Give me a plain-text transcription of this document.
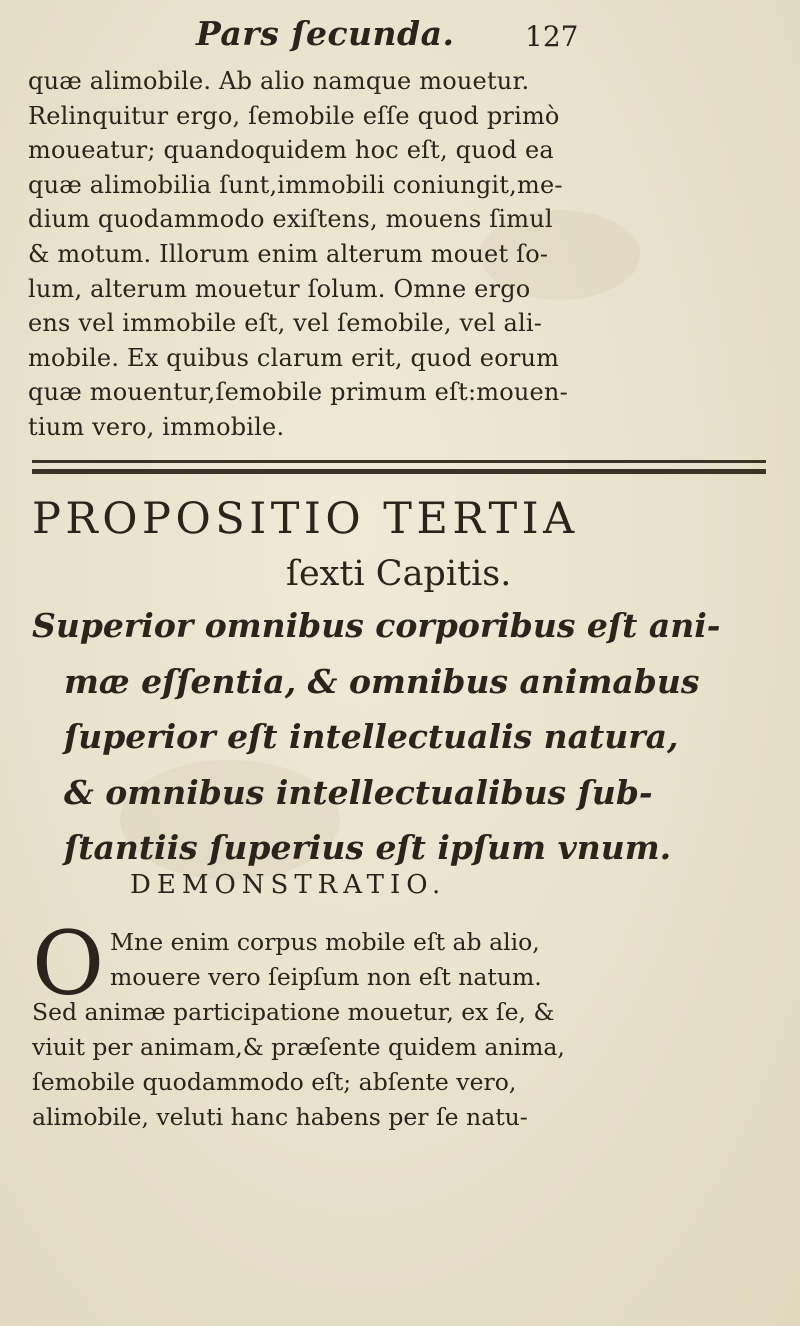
Pars ſecunda.	127
quæ alimobile. Ab alio namque mouetur.
Relinquitur ergo, ſemobile eſſe quod primò
moueatur; quandoquidem hoc eſt, quod ea
quæ alimobilia ſunt,immobili coniungit,me-
dium quodammodo exiſtens, mouens ſimul
& motum. Illorum enim alterum mouet ſo-
lum, alterum mouetur ſolum. Omne ergo
ens vel immobile eſt, vel ſemobile, vel ali-
mobile. Ex quibus clarum erit, quod eorum
quæ mouentur,ſemobile primum eſt:mouen-
tium vero, immobile.
PROPOSITIO TERTIA
ſexti Capitis.
Superior omnibus corporibus eſt ani-
mæ eſſentia, & omnibus animabus
ſuperior eſt intellectualis natura,
& omnibus intellectualibus ſub-
ſtantiis ſuperius eſt ipſum vnum.
DEMONSTRATIO.
O Mne enim corpus mobile eſt ab alio,
mouere vero ſeipſum non eſt natum.
Sed animæ participatione mouetur, ex ſe, &
viuit per animam,& præſente quidem anima,
ſemobile quodammodo eſt; abſente vero,
alimobile, veluti hanc habens per ſe natu-
